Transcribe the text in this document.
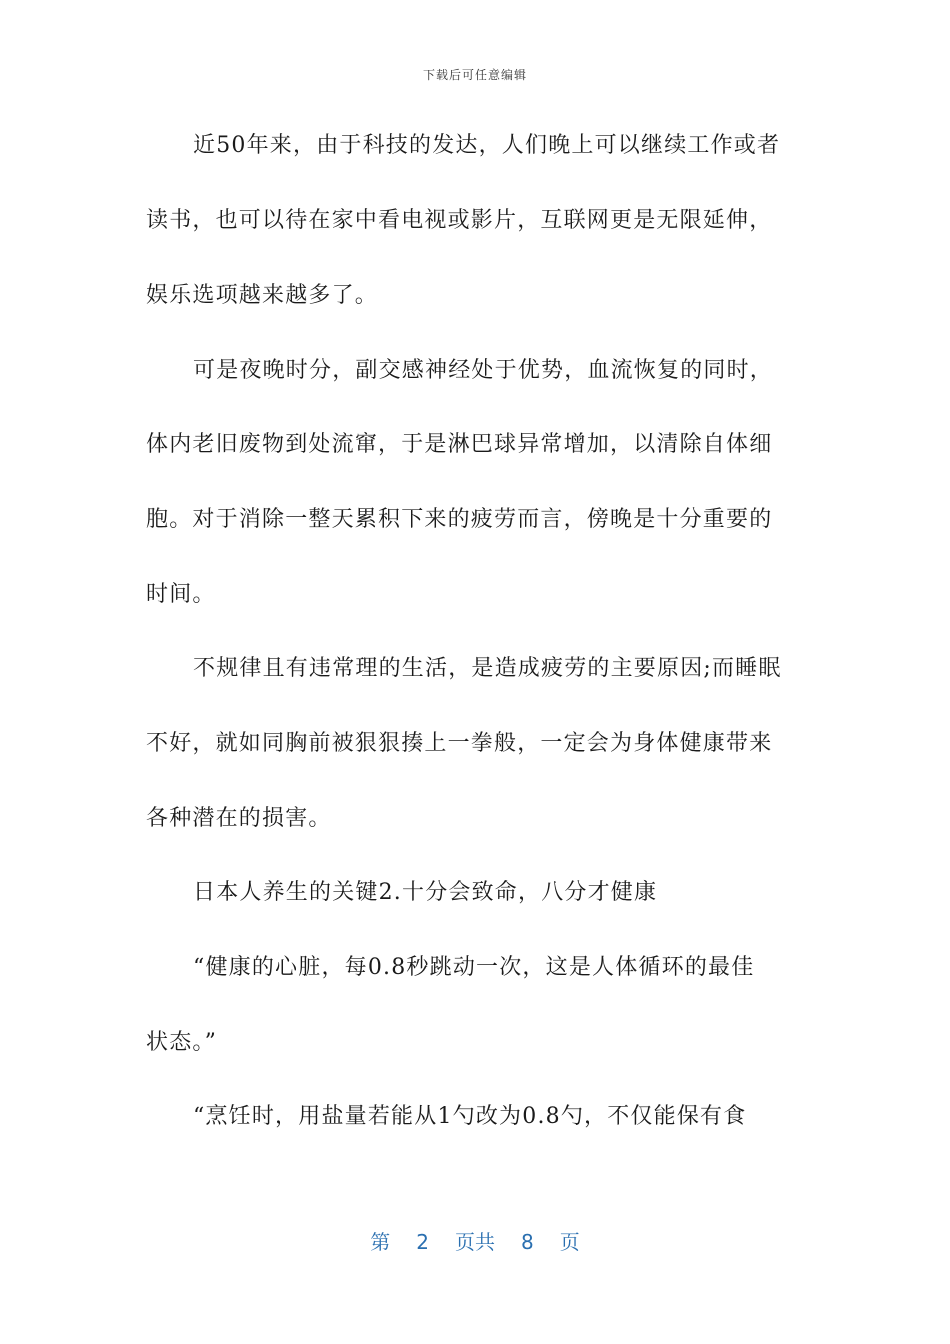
下载后可任意编辑
近50年来，由于科技的发达，人们晚上可以继续工作或者
读书，也可以待在家中看电视或影片，互联网更是无限延伸，
娱乐选项越来越多了。
可是夜晚时分，副交感神经处于优势，血流恢复的同时，
体内老旧废物到处流窜，于是淋巴球异常增加，以清除自体细
胞。对于消除一整天累积下来的疲劳而言，傍晚是十分重要的
时间。
不规律且有违常理的生活，是造成疲劳的主要原因;而睡眠
不好，就如同胸前被狠狠揍上一拳般，一定会为身体健康带来
各种潜在的损害。
日本人养生的关键2.十分会致命，八分才健康
“健康的心脏，每0.8秒跳动一次，这是人体循环的最佳
状态。”
“烹饪时，用盐量若能从1勺改为0.8勺，不仅能保有食
第 2 页共 8 页
